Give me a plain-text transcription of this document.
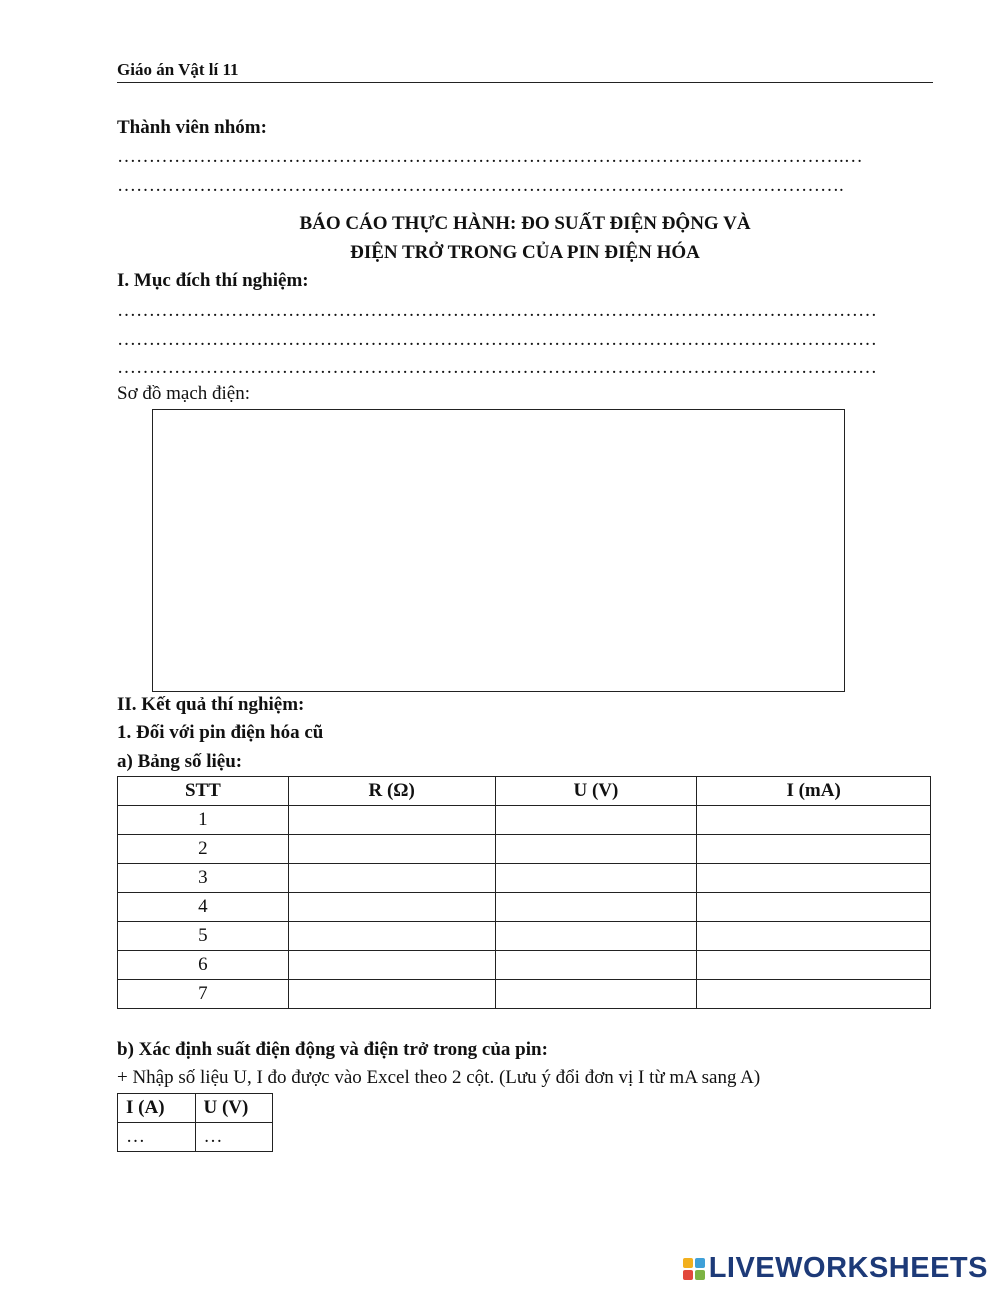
Giáo án Vật lí 11
Thành viên nhóm:
…………………………………………………………………………………………………….…
…………………………………………………………………………………………………….
BÁO CÁO THỰC HÀNH: ĐO SUẤT ĐIỆN ĐỘNG VÀ
ĐIỆN TRỞ TRONG CỦA PIN ĐIỆN HÓA
I. Mục đích thí nghiệm:
…………………………………………………………………………………………………………
…………………………………………………………………………………………………………
…………………………………………………………………………………………………………
Sơ đồ mạch điện:
II. Kết quả thí nghiệm:
1. Đối với pin điện hóa cũ
a) Bảng số liệu:
STT	R (Ω)	U (V)	I (mA)
1			
2			
3			
4			
5			
6			
7			
b) Xác định suất điện động và điện trở trong của pin:
+ Nhập số liệu U, I đo được vào Excel theo 2 cột. (Lưu ý đổi đơn vị I từ mA sang A)
I (A)	U (V)
…	…
LIVEWORKSHEETS
